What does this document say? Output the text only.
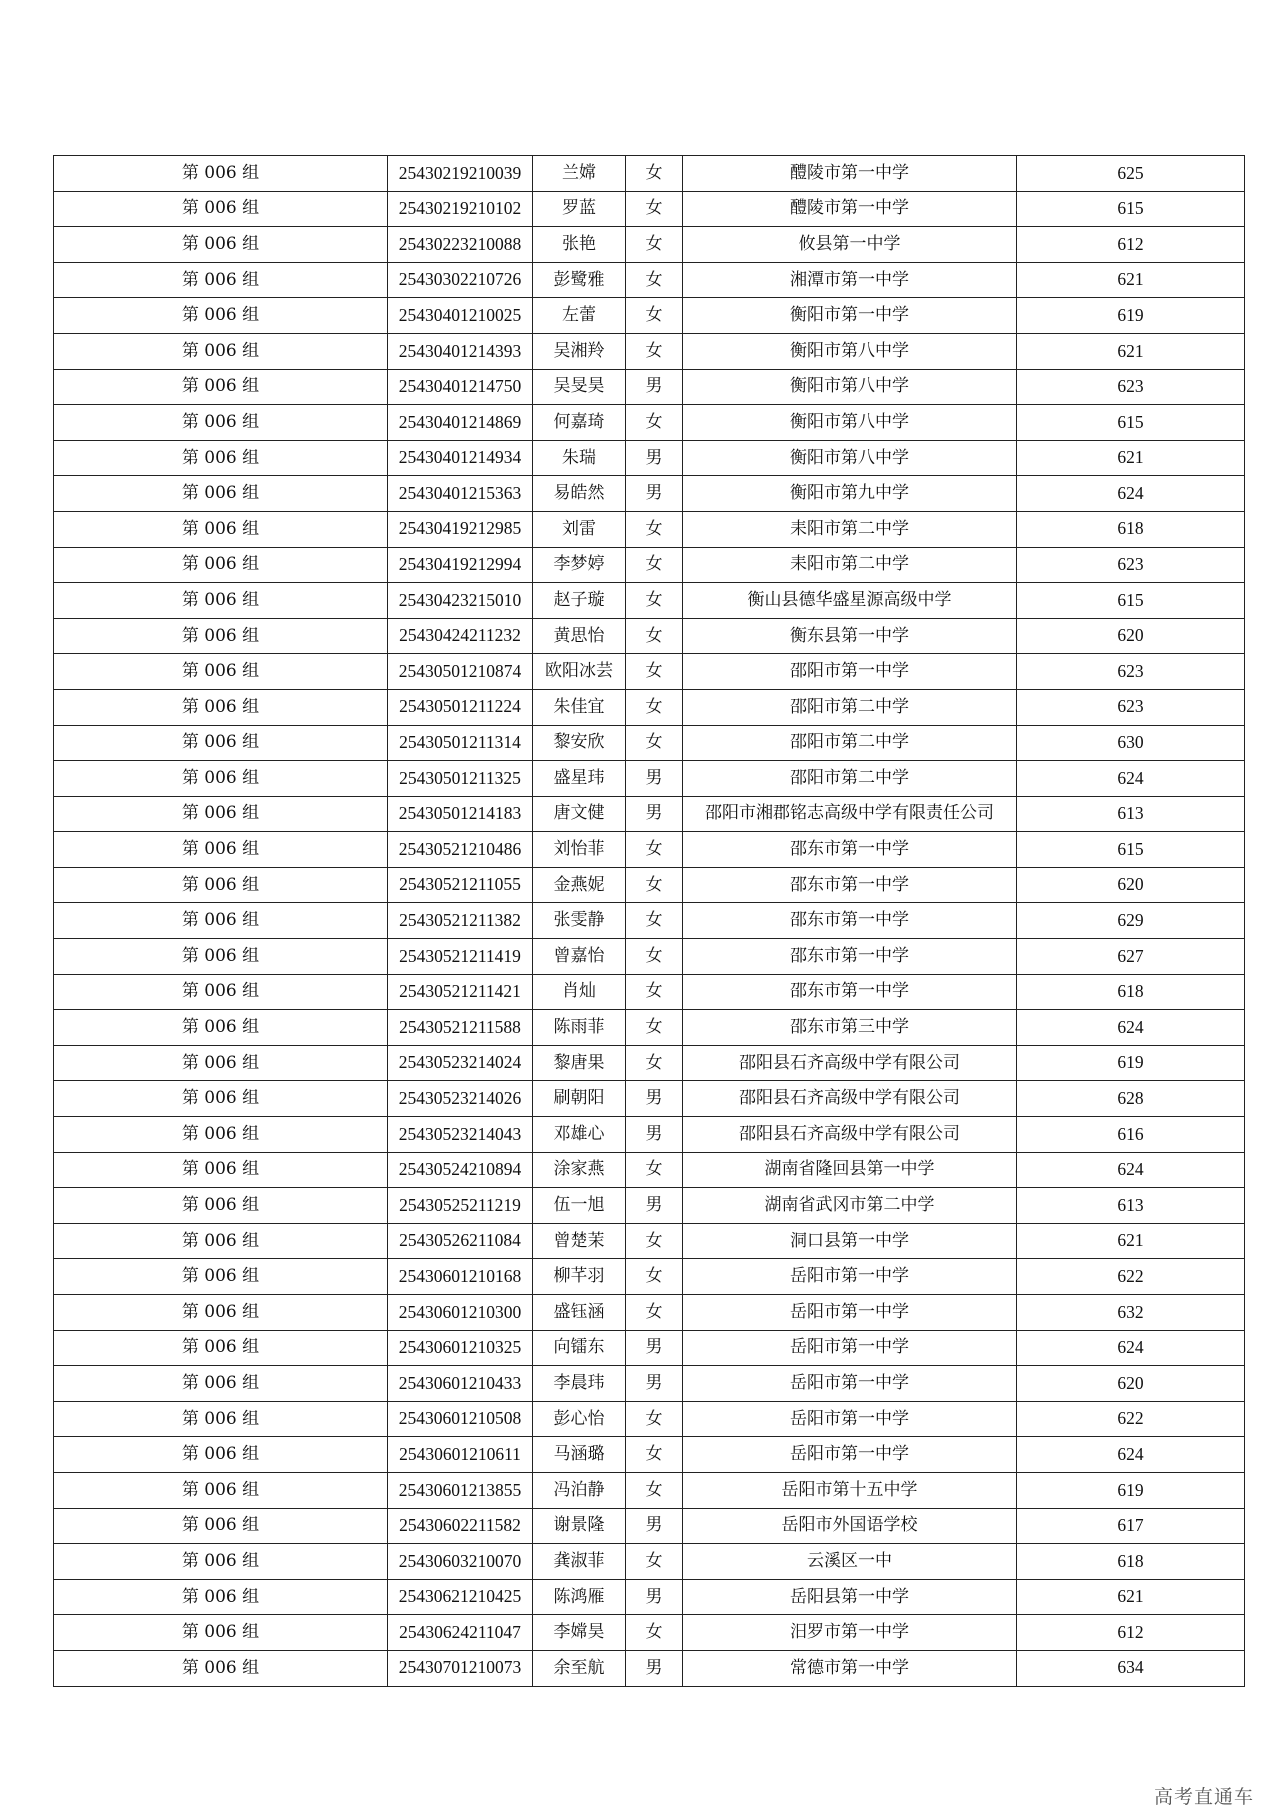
第 006 组	25430219210039	兰嫦	女	醴陵市第一中学	625
第 006 组	25430219210102	罗蓝	女	醴陵市第一中学	615
第 006 组	25430223210088	张艳	女	攸县第一中学	612
第 006 组	25430302210726	彭鹭雅	女	湘潭市第一中学	621
第 006 组	25430401210025	左蕾	女	衡阳市第一中学	619
第 006 组	25430401214393	吴湘羚	女	衡阳市第八中学	621
第 006 组	25430401214750	吴旻昊	男	衡阳市第八中学	623
第 006 组	25430401214869	何嘉琦	女	衡阳市第八中学	615
第 006 组	25430401214934	朱瑞	男	衡阳市第八中学	621
第 006 组	25430401215363	易皓然	男	衡阳市第九中学	624
第 006 组	25430419212985	刘雷	女	耒阳市第二中学	618
第 006 组	25430419212994	李梦婷	女	耒阳市第二中学	623
第 006 组	25430423215010	赵子璇	女	衡山县德华盛星源高级中学	615
第 006 组	25430424211232	黄思怡	女	衡东县第一中学	620
第 006 组	25430501210874	欧阳冰芸	女	邵阳市第一中学	623
第 006 组	25430501211224	朱佳宜	女	邵阳市第二中学	623
第 006 组	25430501211314	黎安欣	女	邵阳市第二中学	630
第 006 组	25430501211325	盛星玮	男	邵阳市第二中学	624
第 006 组	25430501214183	唐文健	男	邵阳市湘郡铭志高级中学有限责任公司	613
第 006 组	25430521210486	刘怡菲	女	邵东市第一中学	615
第 006 组	25430521211055	金燕妮	女	邵东市第一中学	620
第 006 组	25430521211382	张雯静	女	邵东市第一中学	629
第 006 组	25430521211419	曾嘉怡	女	邵东市第一中学	627
第 006 组	25430521211421	肖灿	女	邵东市第一中学	618
第 006 组	25430521211588	陈雨菲	女	邵东市第三中学	624
第 006 组	25430523214024	黎唐果	女	邵阳县石齐高级中学有限公司	619
第 006 组	25430523214026	刷朝阳	男	邵阳县石齐高级中学有限公司	628
第 006 组	25430523214043	邓雄心	男	邵阳县石齐高级中学有限公司	616
第 006 组	25430524210894	涂家燕	女	湖南省隆回县第一中学	624
第 006 组	25430525211219	伍一旭	男	湖南省武冈市第二中学	613
第 006 组	25430526211084	曾楚茉	女	洞口县第一中学	621
第 006 组	25430601210168	柳芊羽	女	岳阳市第一中学	622
第 006 组	25430601210300	盛钰涵	女	岳阳市第一中学	632
第 006 组	25430601210325	向镭东	男	岳阳市第一中学	624
第 006 组	25430601210433	李晨玮	男	岳阳市第一中学	620
第 006 组	25430601210508	彭心怡	女	岳阳市第一中学	622
第 006 组	25430601210611	马涵璐	女	岳阳市第一中学	624
第 006 组	25430601213855	冯泊静	女	岳阳市第十五中学	619
第 006 组	25430602211582	谢景隆	男	岳阳市外国语学校	617
第 006 组	25430603210070	龚淑菲	女	云溪区一中	618
第 006 组	25430621210425	陈鸿雁	男	岳阳县第一中学	621
第 006 组	25430624211047	李嫦昊	女	汨罗市第一中学	612
第 006 组	25430701210073	余至航	男	常德市第一中学	634
高考直通车
